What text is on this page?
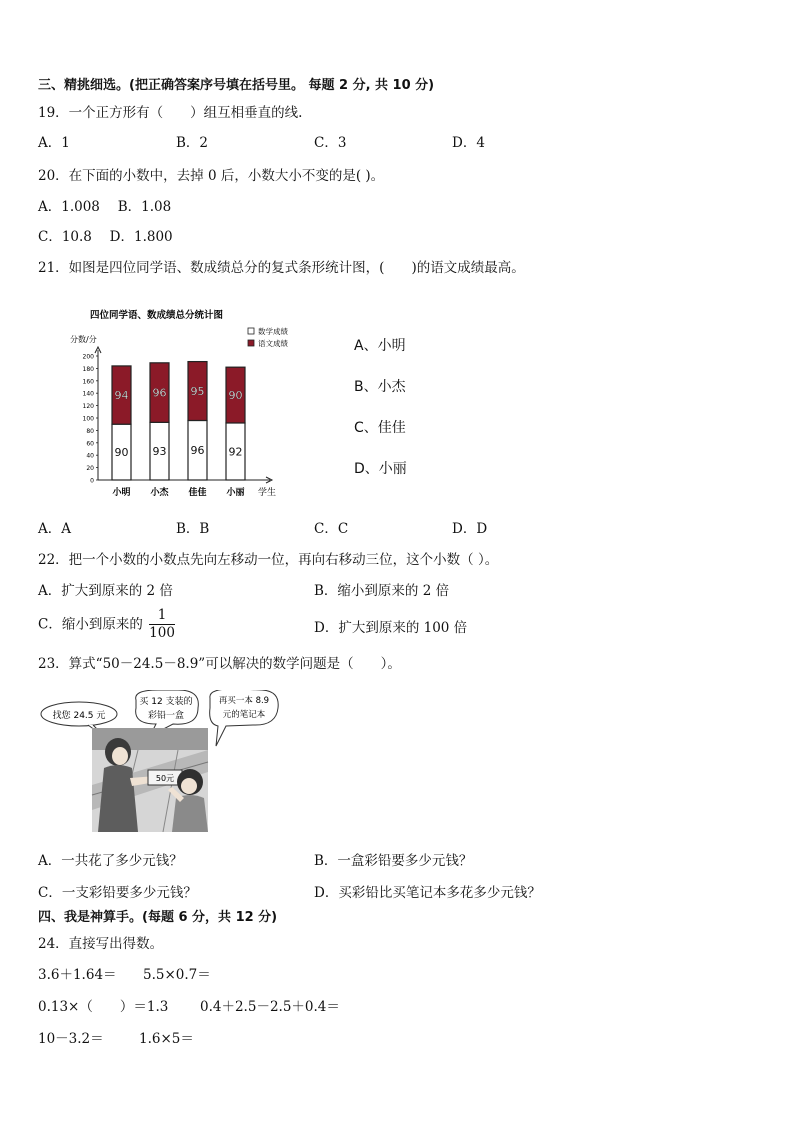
三、精挑细选。(把正确答案序号填在括号里。 每题 2 分, 共 10 分)
19．一个正方形有（　　）组互相垂直的线.
A．1	B．2	C．3	D．4
20．在下面的小数中，去掉 0 后，小数大小不变的是( )。
A．1.008　 B．1.08
C．10.8　 D．1.800
21．如图是四位同学语、数成绩总分的复式条形统计图，(　　)的语文成绩最高。
四位同学语、数成绩总分统计图
分数/分
0
20
40
60
80
100
120
140
160
180
200
学生
数学成绩
语文成绩
90
94
小明
93
96
小杰
96
95
佳佳
92
90
小丽
A、小明
B、小杰
C、佳佳
D、小丽
A．A	B．B	C．C	D．D
22．把一个小数的小数点先向左移动一位，再向右移动三位，这个小数（ ）。
A．扩大到原来的 2 倍	B．缩小到原来的 2 倍
C．缩小到原来的 $\frac{1}{100}$	D．扩大到原来的 100 倍
23．算式“50－24.5－8.9”可以解决的数学问题是（　　）。
找您 24.5 元
买 12 支装的
彩铅一盒
再买一本 8.9
元的笔记本
50元
A．一共花了多少元钱？	B．一盒彩铅要多少元钱？
C．一支彩铅要多少元钱？	D．买彩铅比买笔记本多花多少元钱？
四、我是神算手。(每题 6 分，共 12 分)
24．直接写出得数。
3.6＋1.64＝ 5.5×0.7＝
0.13×（　　）＝1.3 0.4＋2.5－2.5＋0.4＝
10－3.2＝	1.6×5＝
